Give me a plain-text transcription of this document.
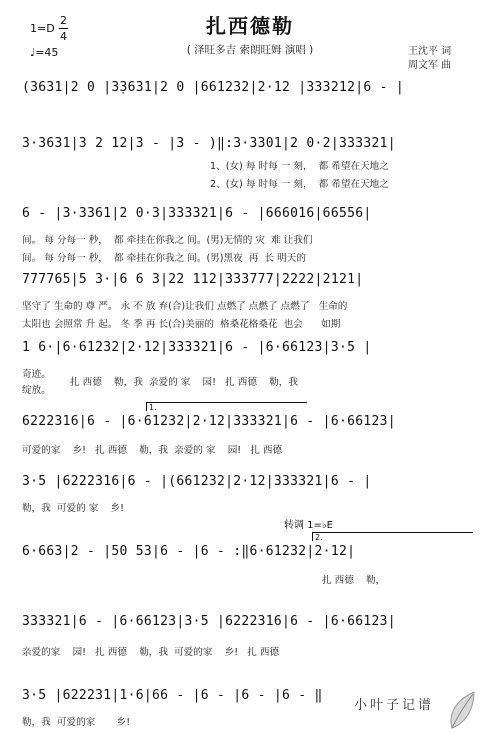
扎西德勒
( 泽旺多吉 索朗旺姆 演唱 )	王沈平 词
周文军 曲
1=D
2
4
♩=45
(3631|2 0 |3̣3631|2 0 |661232|2·12 |333212|6 - |
3·3631|3 2 12|3 - |3 - )‖:3·3301|2 0·2|333321|
1、(女) 每 时每 一 刻，  都 希望在天地之
2、(女) 每 时每 一 刻，  都 希望在天地之
6 - |3·3361|2 0·3|333321|6 - |666016|66556|
间。 每 分每一 秒，  都 牵挂在你我之 间。(男)无情的 灾  难 让我们
间。 每 分每一 秒，  都 牵挂在你我之 间。(男)黑夜  再  长 明天的
777765|5 3·|6 6 3|22 112|333777|2222|2121|
坚守了 生命的 尊 严。 永 不 放 弃(合)让我们 点燃了 点燃了 点燃了   生命的
太阳也 会照常 升 起。 冬 季 再 长(合)美丽的  格桑花格桑花  也会      如期
1 6·|6·61232|2·12|333321|6 - |6·66123|3·5 |
奇迹。
绽放。
扎 西德    勒，我  亲爱的 家    园!   扎 西德    勒，我
1.
6222316|6 - |6·61232|2·12|333321|6 - |6·66123|
可爱的家    乡!   扎 西德    勒，我  亲爱的 家    园!   扎 西德
3·5 |6222316|6 - |(661232|2·12|333321|6 - |
勒，我  可爱的 家    乡!
转调 1=♭E
2.
6·663|2 - |50 53|6 - |6 - :‖6·61232|2·12|
扎 西德    勒，
333321|6 - |6·66123|3·5 |6222316|6 - |6·66123|
亲爱的家    园!   扎 西德    勒，我  可爱的家    乡!   扎 西德
3·5 |622231|1·6|66 - |6 - |6 - |6 - ‖
勒，我  可爱的家       乡!
小叶子记谱
